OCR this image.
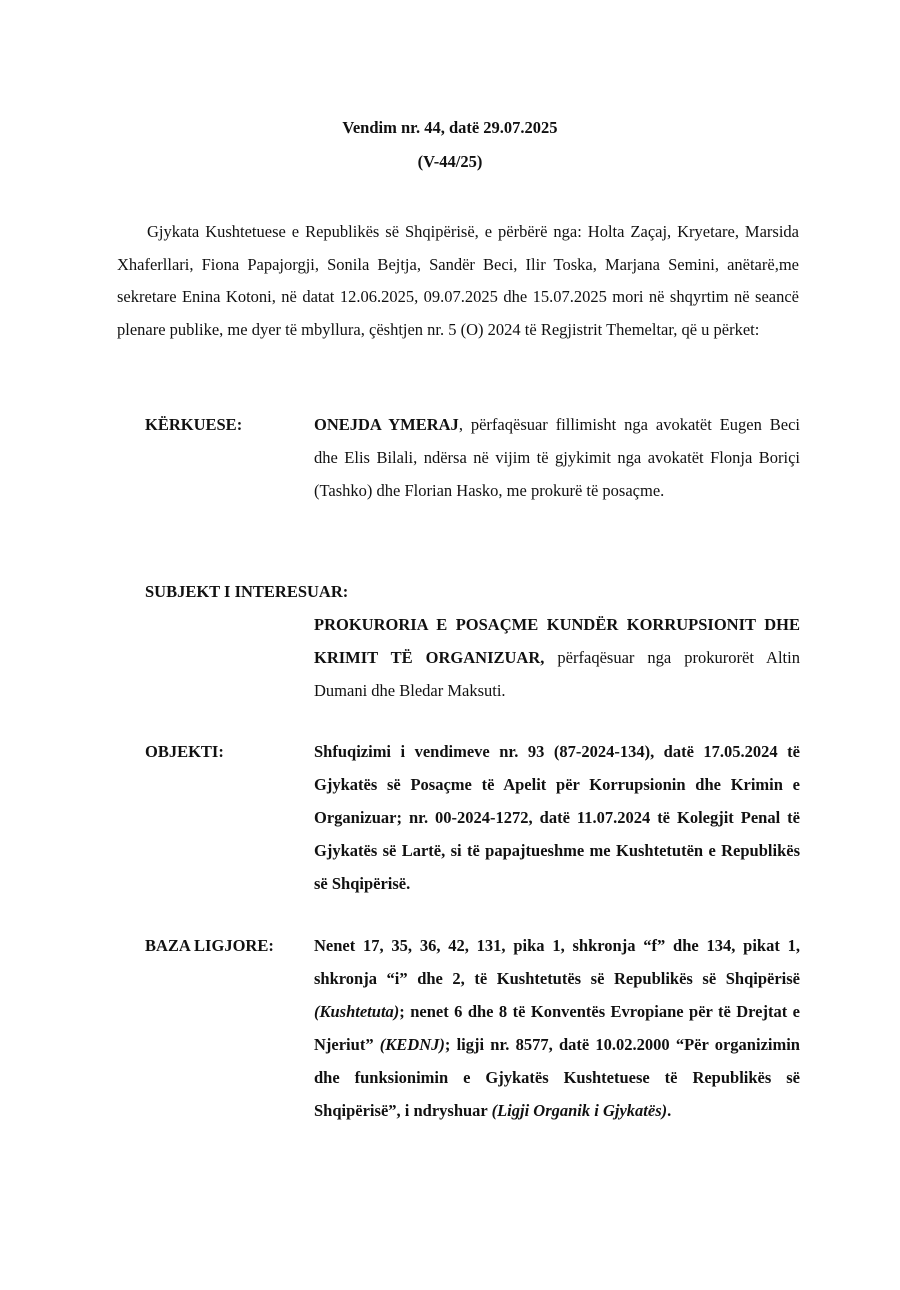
Vendim nr. 44, datë 29.07.2025
(V-44/25)

Gjykata Kushtetuese e Republikës së Shqipërisë, e përbërë nga: Holta Zaçaj, Kryetare, Marsida Xhaferllari, Fiona Papajorgji, Sonila Bejtja, Sandër Beci, Ilir Toska, Marjana Semini, anëtarë,me sekretare Enina Kotoni, në datat 12.06.2025, 09.07.2025 dhe 15.07.2025 mori në shqyrtim në seancë plenare publike, me dyer të mbyllura, çështjen nr. 5 (O) 2024 të Regjistrit Themeltar, që u përket:

KËRKUESE:	ONEJDA YMERAJ, përfaqësuar fillimisht nga avokatët Eugen Beci dhe Elis Bilali, ndërsa në vijim të gjykimit nga avokatët Flonja Boriçi (Tashko) dhe Florian Hasko, me prokurë të posaçme.
SUBJEKT I INTERESUAR:
PROKURORIA E POSAÇME KUNDËR KORRUPSIONIT DHE KRIMIT TË ORGANIZUAR, përfaqësuar nga prokurorët Altin Dumani dhe Bledar Maksuti.
OBJEKTI:	Shfuqizimi i vendimeve nr. 93 (87-2024-134), datë 17.05.2024 të Gjykatës së Posaçme të Apelit për Korrupsionin dhe Krimin e Organizuar; nr. 00-2024-1272, datë 11.07.2024 të Kolegjit Penal të Gjykatës së Lartë, si të papajtueshme me Kushtetutën e Republikës së Shqipërisë.
BAZA LIGJORE: Nenet 17, 35, 36, 42, 131, pika 1, shkronja “f” dhe 134, pikat 1, shkronja “i” dhe 2, të Kushtetutës së Republikës së Shqipërisë (Kushtetuta); nenet 6 dhe 8 të Konventës Evropiane për të Drejtat e Njeriut” (KEDNJ); ligji nr. 8577, datë 10.02.2000 “Për organizimin dhe funksionimin e Gjykatës Kushtetuese të Republikës së Shqipërisë”, i ndryshuar (Ligji Organik i Gjykatës).
